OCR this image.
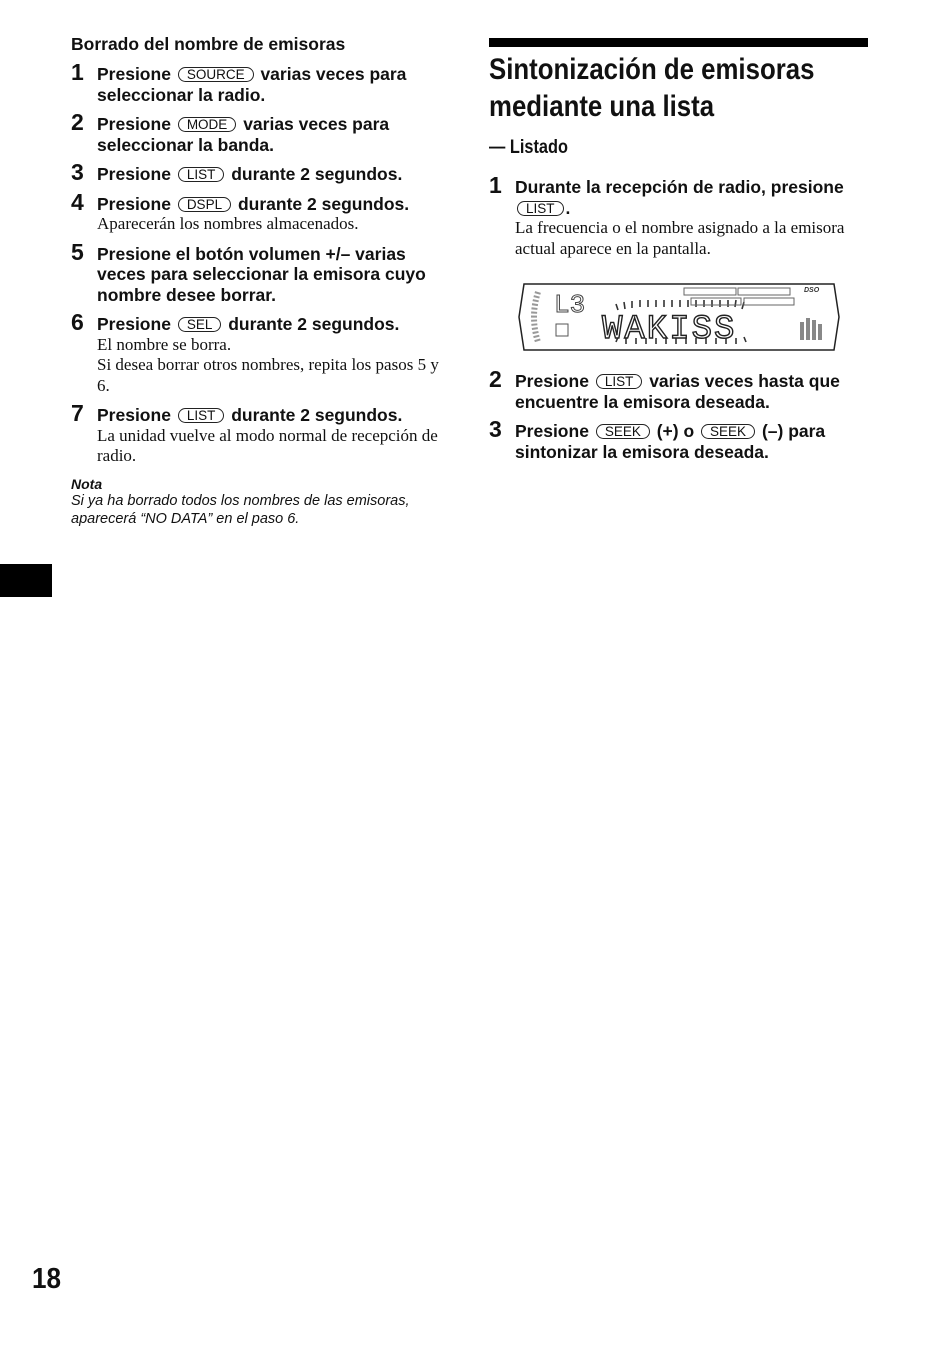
Borrado del nombre de emisoras
1 Presione SOURCE varias veces para seleccionar la radio.
2 Presione MODE varias veces para seleccionar la banda.
3 Presione LIST durante 2 segundos.
4 Presione DSPL durante 2 segundos.
Aparecerán los nombres almacenados.
5 Presione el botón volumen +/– varias veces para seleccionar la emisora cuyo nombre desee borrar.
6 Presione SEL durante 2 segundos.
El nombre se borra.
Si desea borrar otros nombres, repita los pasos 5 y 6.
7 Presione LIST durante 2 segundos.
La unidad vuelve al modo normal de recepción de radio.
Nota
Si ya ha borrado todos los nombres de las emisoras, aparecerá “NO DATA” en el paso 6.
Sintonización de emisoras mediante una lista
— Listado
1 Durante la recepción de radio, presione LIST .
La frecuencia o el nombre asignado a la emisora actual aparece en la pantalla.
L3
WAKISS
DSO
2 Presione LIST varias veces hasta que encuentre la emisora deseada.
3 Presione SEEK (+) o SEEK (–) para sintonizar la emisora deseada.
18
